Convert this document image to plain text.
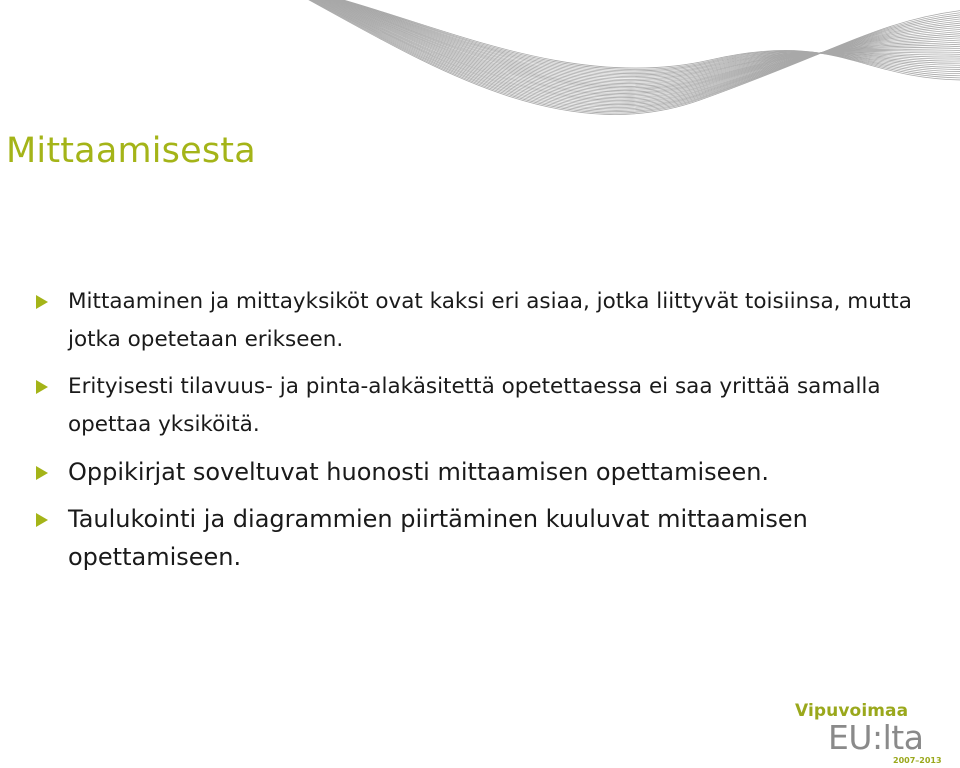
Mittaamisesta
Mittaaminen ja mittayksiköt ovat kaksi eri asiaa, jotka liittyvät toisiinsa, mutta jotka opetetaan erikseen.
Erityisesti tilavuus- ja pinta-alakäsitettä opetettaessa ei saa yrittää samalla opettaa yksiköitä.
Oppikirjat soveltuvat huonosti mittaamisen opettamiseen.
Taulukointi ja diagrammien piirtäminen kuuluvat mittaamisen opettamiseen.
Vipuvoimaa
EU:lta
2007–2013
